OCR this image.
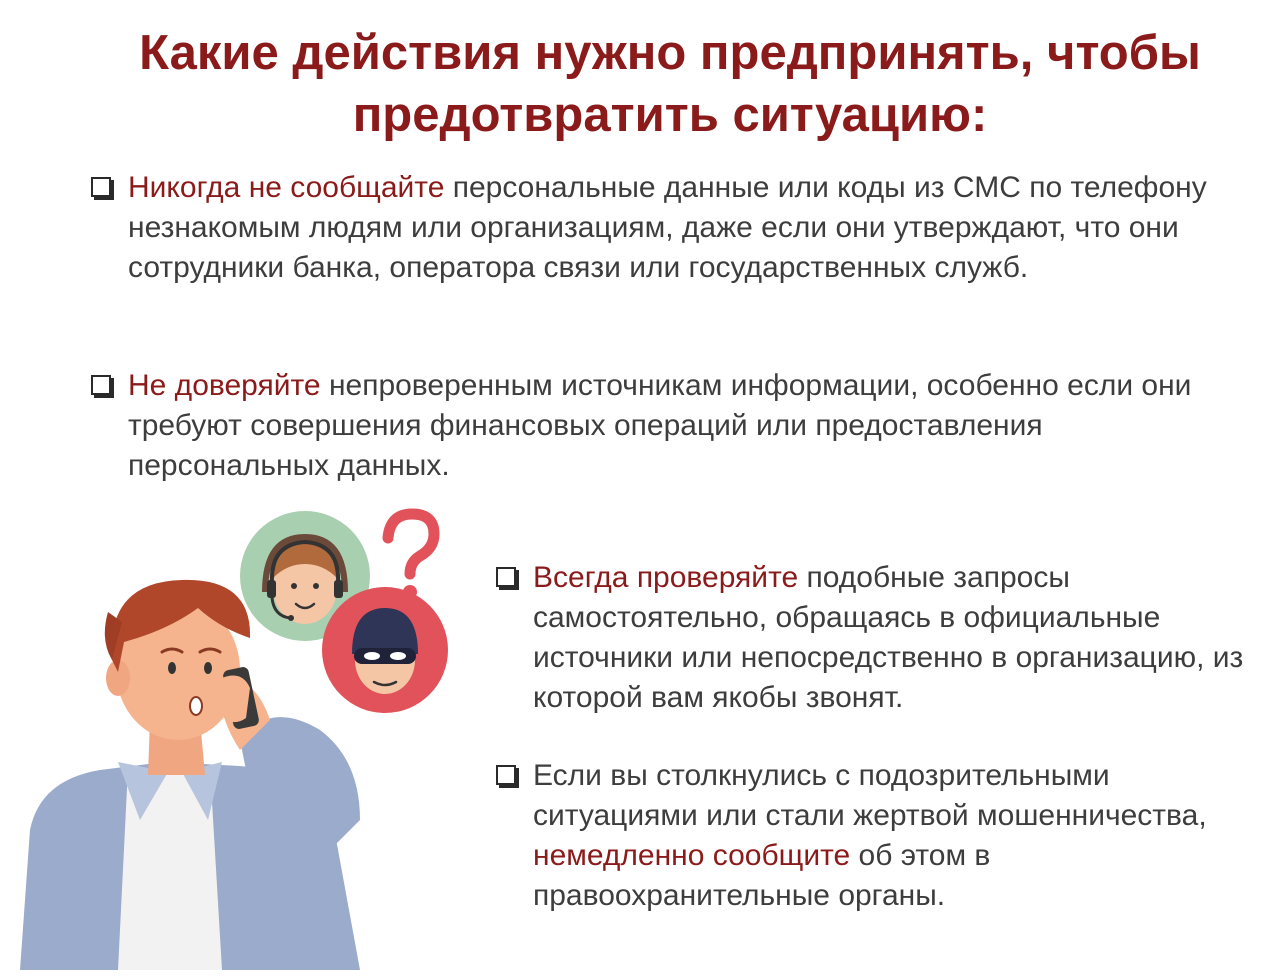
Какие действия нужно предпринять, чтобы предотвратить ситуацию:

Никогда не сообщайте персональные данные или коды из СМС по телефону незнакомым людям или организациям, даже если они утверждают, что они сотрудники банка, оператора связи или государственных служб.

Не доверяйте непроверенным источникам информации, особенно если они требуют совершения финансовых операций или предоставления персональных данных.

Всегда проверяйте подобные запросы самостоятельно, обращаясь в официальные источники или непосредственно в организацию, из которой вам якобы звонят.

Если вы столкнулись с подозрительными ситуациями или стали жертвой мошенничества, немедленно сообщите об этом в правоохранительные органы.
